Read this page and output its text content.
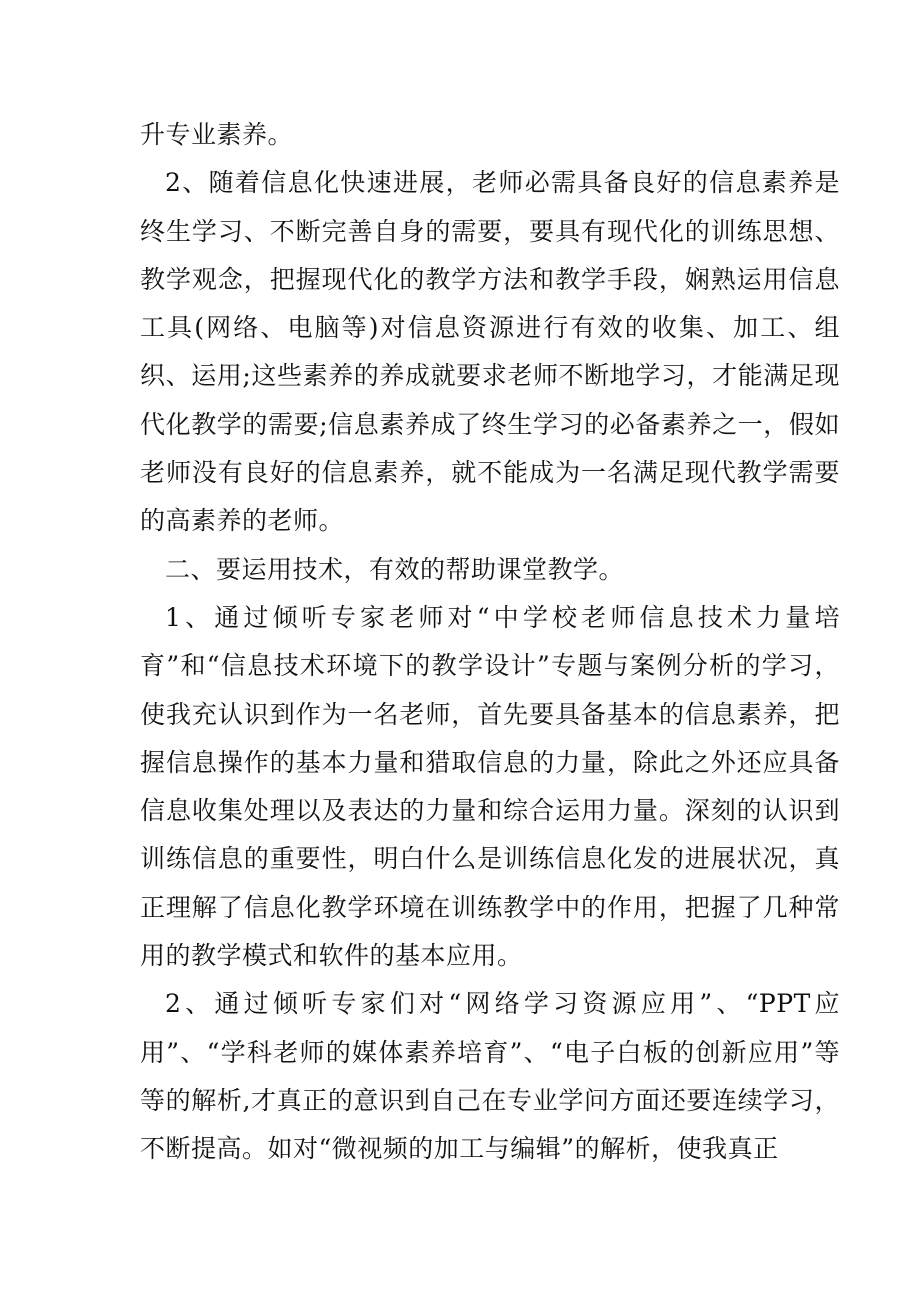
升专业素养。

2、随着信息化快速进展，老师必需具备良好的信息素养是终生学习、不断完善自身的需要，要具有现代化的训练思想、教学观念，把握现代化的教学方法和教学手段，娴熟运用信息工具(网络、电脑等)对信息资源进行有效的收集、加工、组织、运用;这些素养的养成就要求老师不断地学习，才能满足现代化教学的需要;信息素养成了终生学习的必备素养之一，假如老师没有良好的信息素养，就不能成为一名满足现代教学需要的高素养的老师。

二、要运用技术，有效的帮助课堂教学。

1、通过倾听专家老师对“中学校老师信息技术力量培育”和“信息技术环境下的教学设计”专题与案例分析的学习，使我充认识到作为一名老师，首先要具备基本的信息素养，把握信息操作的基本力量和猎取信息的力量，除此之外还应具备信息收集处理以及表达的力量和综合运用力量。深刻的认识到训练信息的重要性，明白什么是训练信息化发的进展状况，真正理解了信息化教学环境在训练教学中的作用，把握了几种常用的教学模式和软件的基本应用。

2、通过倾听专家们对“网络学习资源应用”、“PPT应用”、“学科老师的媒体素养培育”、“电子白板的创新应用”等等的解析,才真正的意识到自己在专业学问方面还要连续学习，不断提高。如对“微视频的加工与编辑”的解析，使我真正
